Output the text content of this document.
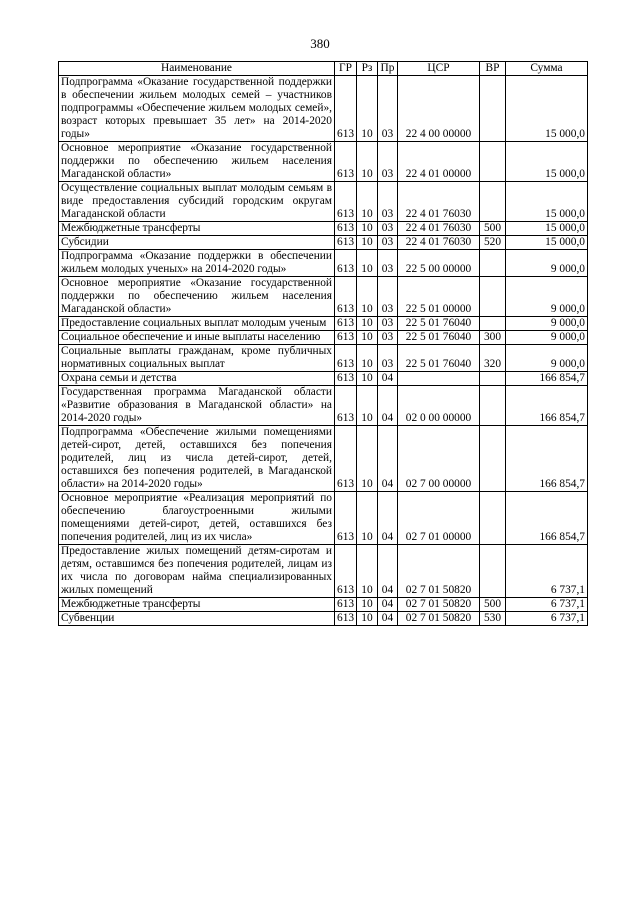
380
Наименование	ГР	Рз	Пр	ЦСР	ВР	Сумма
Подпрограмма «Оказание государственной поддержки в обеспечении жильем молодых семей – участников подпрограммы «Обеспечение жильем молодых семей», возраст которых превышает 35 лет» на 2014-2020 годы»	613	10	03	22 4 00 00000		15 000,0
Основное мероприятие «Оказание государственной поддержки по обеспечению жильем населения Магаданской области»	613	10	03	22 4 01 00000		15 000,0
Осуществление социальных выплат молодым семьям в виде предоставления субсидий городским округам Магаданской области	613	10	03	22 4 01 76030		15 000,0
Межбюджетные трансферты	613	10	03	22 4 01 76030	500	15 000,0
Субсидии	613	10	03	22 4 01 76030	520	15 000,0
Подпрограмма «Оказание поддержки в обеспечении жильем молодых ученых» на 2014-2020 годы»	613	10	03	22 5 00 00000		9 000,0
Основное мероприятие «Оказание государственной поддержки по обеспечению жильем населения Магаданской области»	613	10	03	22 5 01 00000		9 000,0
Предоставление социальных выплат молодым ученым	613	10	03	22 5 01 76040		9 000,0
Социальное обеспечение и иные выплаты населению	613	10	03	22 5 01 76040	300	9 000,0
Социальные выплаты гражданам, кроме публичных нормативных социальных выплат	613	10	03	22 5 01 76040	320	9 000,0
Охрана семьи и детства	613	10	04			166 854,7
Государственная программа Магаданской области «Развитие образования в Магаданской области» на 2014-2020 годы»	613	10	04	02 0 00 00000		166 854,7
Подпрограмма «Обеспечение жилыми помещениями детей-сирот, детей, оставшихся без попечения родителей, лиц из числа детей-сирот, детей, оставшихся без попечения родителей, в Магаданской области» на 2014-2020 годы»	613	10	04	02 7 00 00000		166 854,7
Основное мероприятие «Реализация мероприятий по обеспечению благоустроенными жилыми помещениями детей-сирот, детей, оставшихся без попечения родителей, лиц из их числа»	613	10	04	02 7 01 00000		166 854,7
Предоставление жилых помещений детям-сиротам и детям, оставшимся без попечения родителей, лицам из их числа по договорам найма специализированных жилых помещений	613	10	04	02 7 01 50820		6 737,1
Межбюджетные трансферты	613	10	04	02 7 01 50820	500	6 737,1
Субвенции	613	10	04	02 7 01 50820	530	6 737,1
